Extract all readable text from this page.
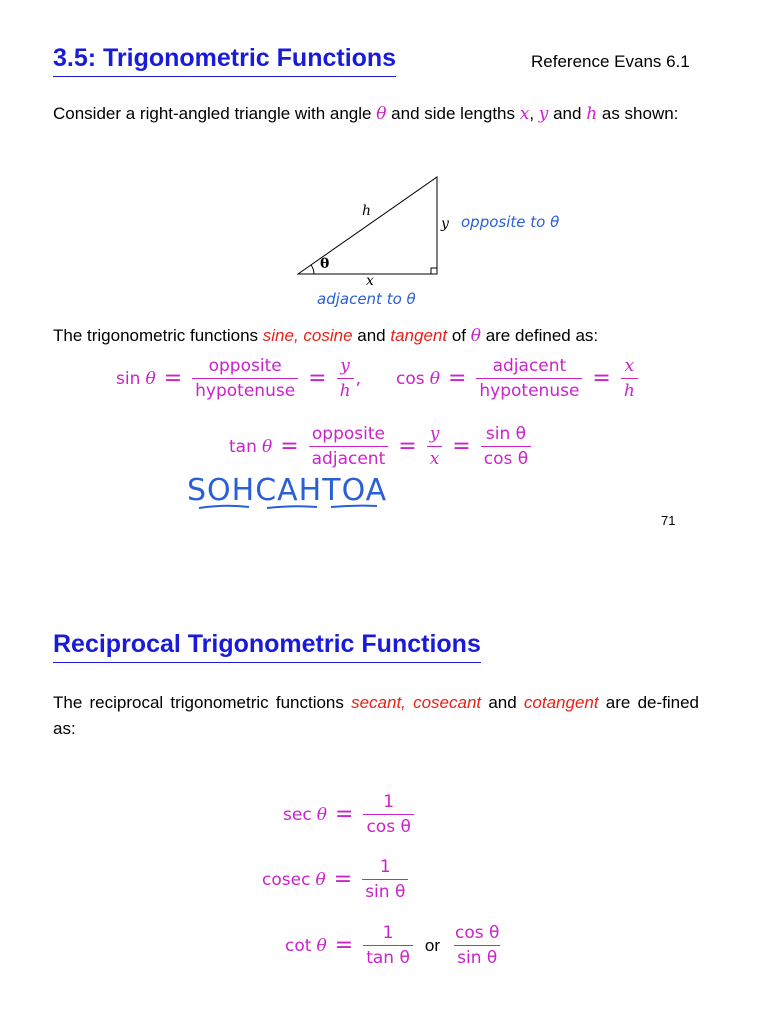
3.5: Trigonometric Functions	Reference Evans 6.1
Consider a right-angled triangle with angle θ and side lengths x, y and h as shown:
h
y
x
θ
opposite to θ
adjacent to θ
The trigonometric functions sine, cosine and tangent of θ are defined as:
sin
$\theta = \frac{\text{opposite}}{\text{hypotenuse}} = \frac{y}{h}$ , cos
$\theta = \frac{\text{adjacent}}{\text{hypotenuse}} = \frac{x}{h}$
tan
$\theta = \frac{\text{opposite}}{\text{adjacent}} = \frac{y}{x} = \frac{\text{sin θ}}{\text{cos θ}}$
SOHCAHTOA
71
Reciprocal Trigonometric Functions
The reciprocal trigonometric functions secant, cosecant and cotangent are de-fined as:
sec
$\theta = \frac{1}{\text{cos θ}}$
cosec
$\theta = \frac{1}{\text{sin θ}}$
cot
$\theta = \frac{1}{\text{tan θ}}$ or $\frac{\text{cos θ}}{\text{sin θ}}$
